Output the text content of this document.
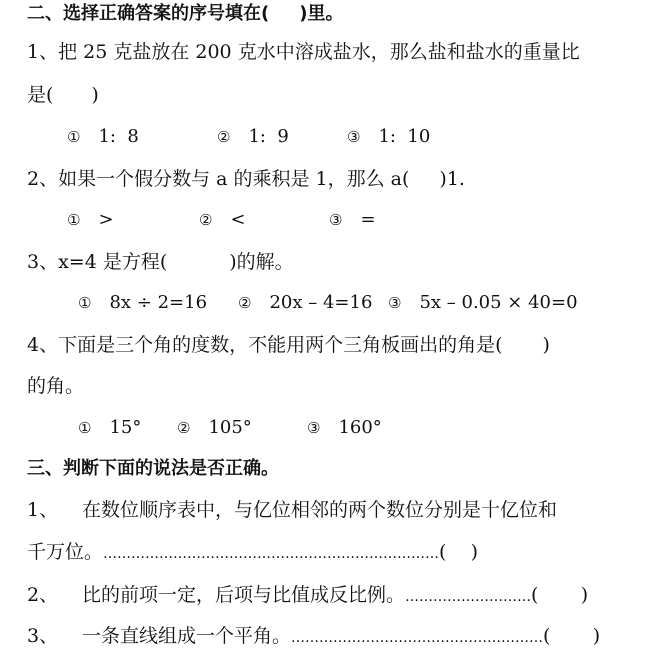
二、选择正确答案的序号填在( )里。
1、把 25 克盐放在 200 克水中溶成盐水，那么盐和盐水的重量比
是( )
① 1:  8	② 1:  9	③ 1:  10
2、如果一个假分数与 a 的乘积是 1，那么 a( )1.
① >	② <	③ =
3、x=4 是方程(	)的解。
① 8x ÷ 2=16 ② 20x – 4=16 ③ 5x – 0.05 × 40=0
4、下面是三个角的度数，不能用两个三角板画出的角是( )
的角。
① 15° ② 105°	③ 160°
三、判断下面的说法是否正确。
1、 在数位顺序表中，与亿位相邻的两个数位分别是十亿位和
千万位。………………………………………………………………(    )
2、 比的前项一定，后项与比值成反比例。………………………(       )
3、 一条直线组成一个平角。………………………………………………(       )
